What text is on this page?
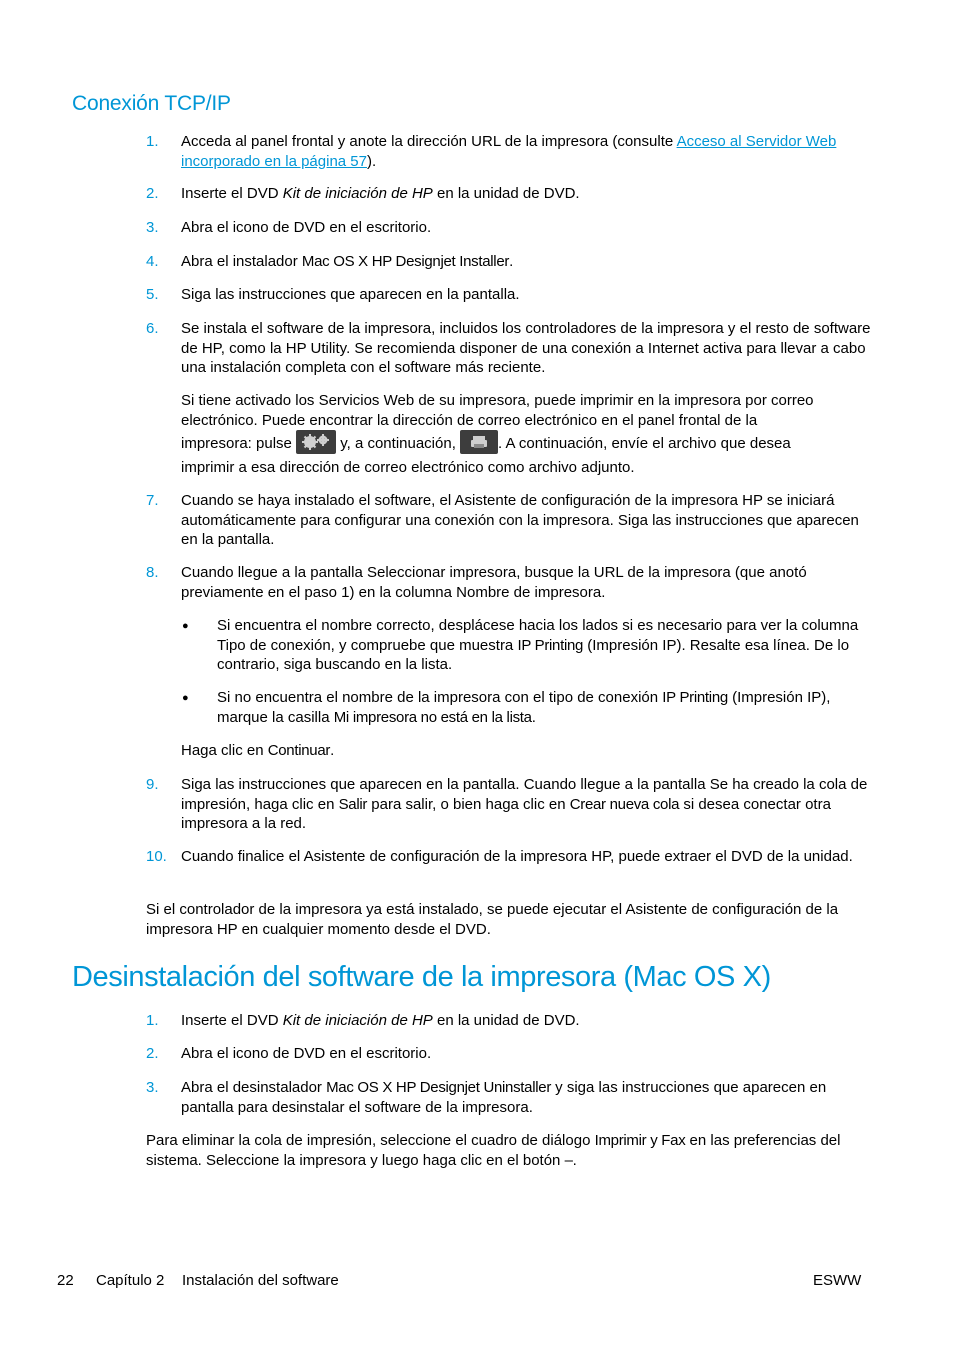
Conexión TCP/IP
1. Acceda al panel frontal y anote la dirección URL de la impresora (consulte Acceso al Servidor Web incorporado en la página 57).
2. Inserte el DVD Kit de iniciación de HP en la unidad de DVD.
3. Abra el icono de DVD en el escritorio.
4. Abra el instalador Mac OS X HP Designjet Installer.
5. Siga las instrucciones que aparecen en la pantalla.
6. Se instala el software de la impresora, incluidos los controladores de la impresora y el resto de software de HP, como la HP Utility. Se recomienda disponer de una conexión a Internet activa para llevar a cabo una instalación completa con el software más reciente.
Si tiene activado los Servicios Web de su impresora, puede imprimir en la impresora por correo electrónico. Puede encontrar la dirección de correo electrónico en el panel frontal de la
impresora: pulse	y, a continuación,	. A continuación, envíe el archivo que desea
imprimir a esa dirección de correo electrónico como archivo adjunto.
7. Cuando se haya instalado el software, el Asistente de configuración de la impresora HP se iniciará automáticamente para configurar una conexión con la impresora. Siga las instrucciones que aparecen en la pantalla.
8. Cuando llegue a la pantalla Seleccionar impresora, busque la URL de la impresora (que anotó previamente en el paso 1) en la columna Nombre de impresora.
● Si encuentra el nombre correcto, desplácese hacia los lados si es necesario para ver la columna Tipo de conexión, y compruebe que muestra IP Printing (Impresión IP). Resalte esa línea. De lo contrario, siga buscando en la lista.
● Si no encuentra el nombre de la impresora con el tipo de conexión IP Printing (Impresión IP), marque la casilla Mi impresora no está en la lista.
Haga clic en Continuar.
9. Siga las instrucciones que aparecen en la pantalla. Cuando llegue a la pantalla Se ha creado la cola de impresión, haga clic en Salir para salir, o bien haga clic en Crear nueva cola si desea conectar otra impresora a la red.
10. Cuando finalice el Asistente de configuración de la impresora HP, puede extraer el DVD de la unidad.
Si el controlador de la impresora ya está instalado, se puede ejecutar el Asistente de configuración de la impresora HP en cualquier momento desde el DVD.
Desinstalación del software de la impresora (Mac OS X)
1. Inserte el DVD Kit de iniciación de HP en la unidad de DVD.
2. Abra el icono de DVD en el escritorio.
3. Abra el desinstalador Mac OS X HP Designjet Uninstaller y siga las instrucciones que aparecen en pantalla para desinstalar el software de la impresora.
Para eliminar la cola de impresión, seleccione el cuadro de diálogo Imprimir y Fax en las preferencias del sistema. Seleccione la impresora y luego haga clic en el botón –.
22 Capítulo 2 Instalación del software	ESWW
